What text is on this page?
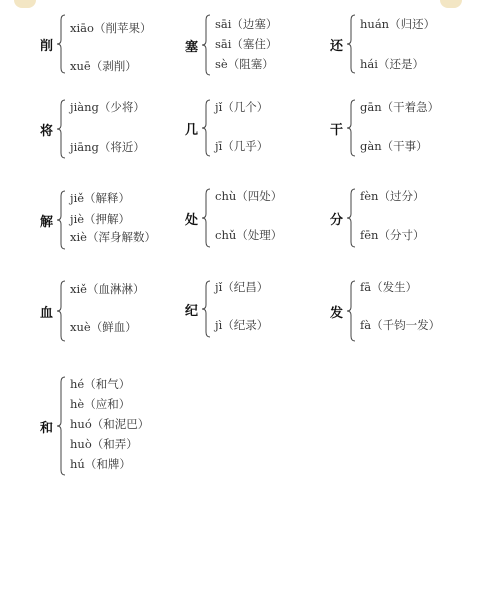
削
xiāo（削苹果）
xuē（剥削）
塞
sāi（边塞）
sāi（塞住）
sè（阻塞）
还
huán（归还）
hái（还是）
将
jiàng（少将）
jiāng（将近）
几
jǐ（几个）
jī（几乎）
干
gān（干着急）
gàn（干事）
解
jiě（解释）
jiè（押解）
xiè（浑身解数）
处
chù（四处）
chǔ（处理）
分
fèn（过分）
fēn（分寸）
血
xiě（血淋淋）
xuè（鲜血）
纪
jǐ（纪昌）
jì（纪录）
发
fā（发生）
fà（千钧一发）
和
hé（和气）
hè（应和）
huó（和泥巴）
huò（和弄）
hú（和牌）
